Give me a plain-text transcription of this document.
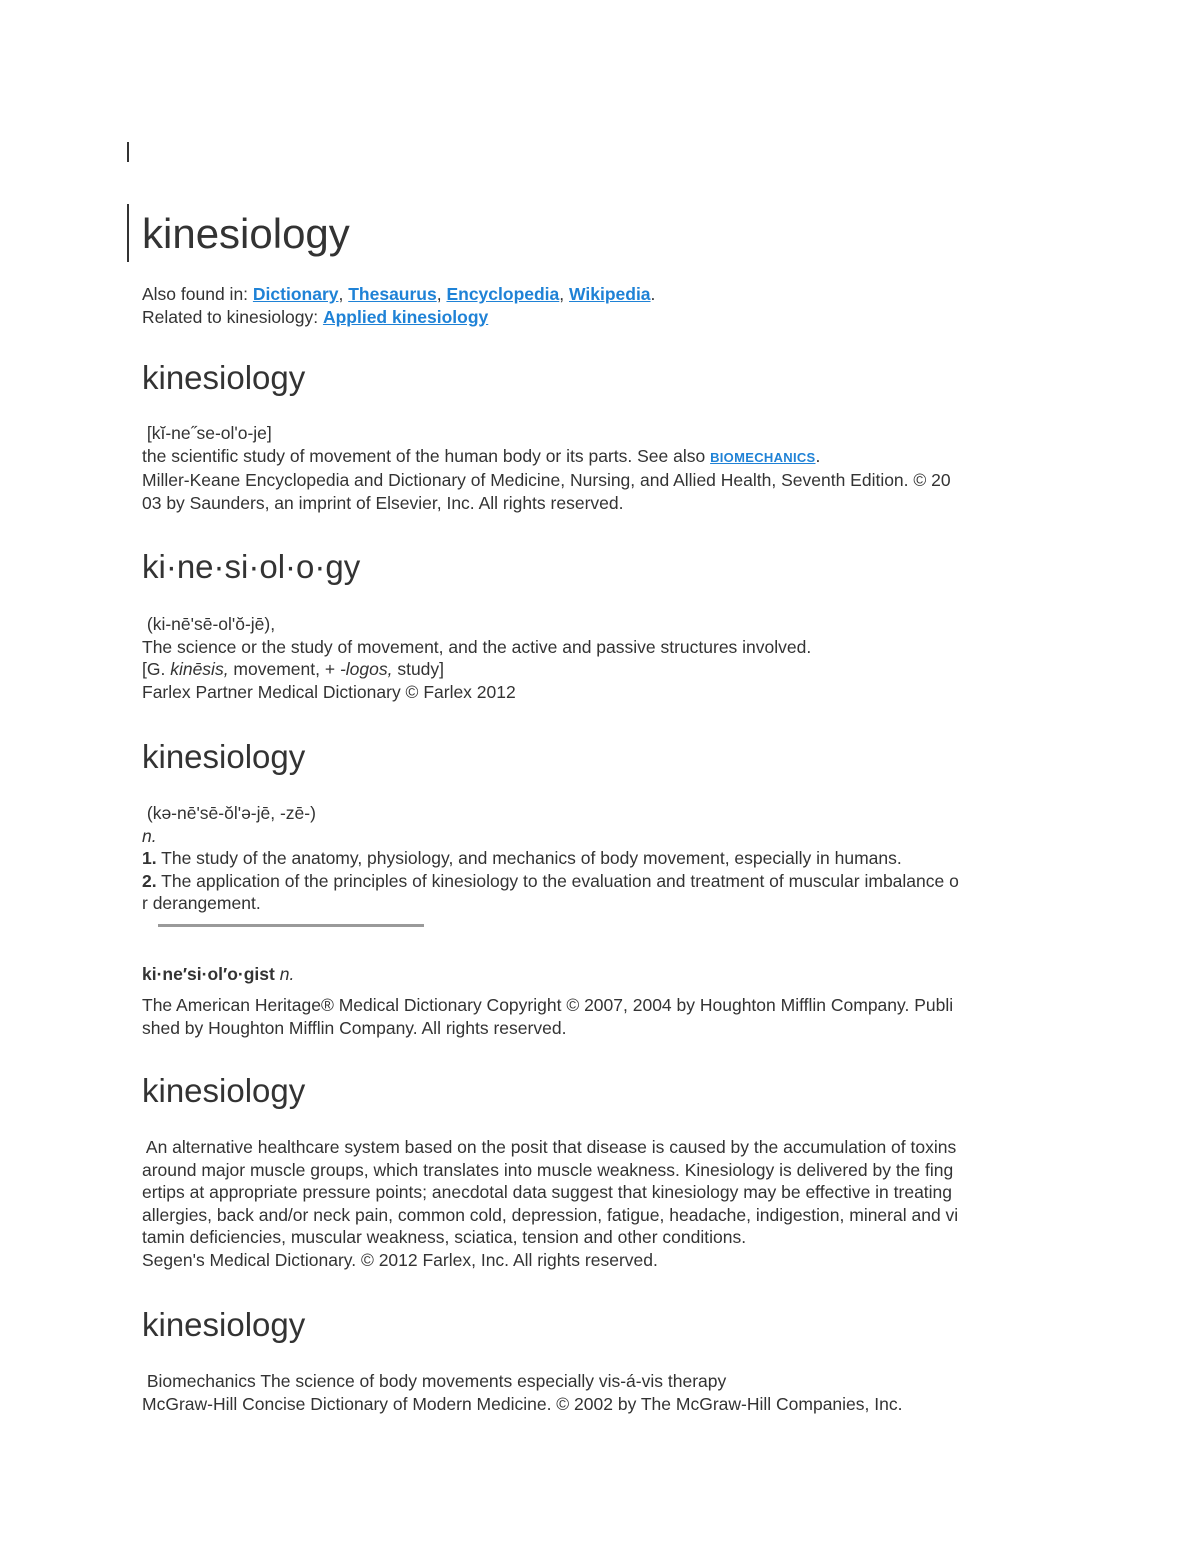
kinesiology

Also found in: Dictionary, Thesaurus, Encyclopedia, Wikipedia.

Related to kinesiology: Applied kinesiology

kinesiology

[kĭ-ne˝se-olʹo-je]

the scientific study of movement of the human body or its parts. See also BIOMECHANICS.

Miller-Keane Encyclopedia and Dictionary of Medicine, Nursing, and Allied Health, Seventh Edition. © 20

03 by Saunders, an imprint of Elsevier, Inc. All rights reserved.

ki·ne·si·ol·o·gy

(ki-nē'sē-ol'ŏ-jē),

The science or the study of movement, and the active and passive structures involved.

[G. kinēsis, movement, + -logos, study]

Farlex Partner Medical Dictionary © Farlex 2012

kinesiology

(kə-nē'sē-ŏl'ə-jē, -zē-)

n.

1. The study of the anatomy, physiology, and mechanics of body movement, especially in humans.

2. The application of the principles of kinesiology to the evaluation and treatment of muscular imbalance o

r derangement.

ki·ne′si·ol′o·gist n.

The American Heritage® Medical Dictionary Copyright © 2007, 2004 by Houghton Mifflin Company. Publi

shed by Houghton Mifflin Company. All rights reserved.

kinesiology

An alternative healthcare system based on the posit that disease is caused by the accumulation of toxins

around major muscle groups, which translates into muscle weakness. Kinesiology is delivered by the fing

ertips at appropriate pressure points; anecdotal data suggest that kinesiology may be effective in treating

allergies, back and/or neck pain, common cold, depression, fatigue, headache, indigestion, mineral and vi

tamin deficiencies, muscular weakness, sciatica, tension and other conditions.

Segen's Medical Dictionary. © 2012 Farlex, Inc. All rights reserved.

kinesiology

Biomechanics The science of body movements especially vis-á-vis therapy

McGraw-Hill Concise Dictionary of Modern Medicine. © 2002 by The McGraw-Hill Companies, Inc.
